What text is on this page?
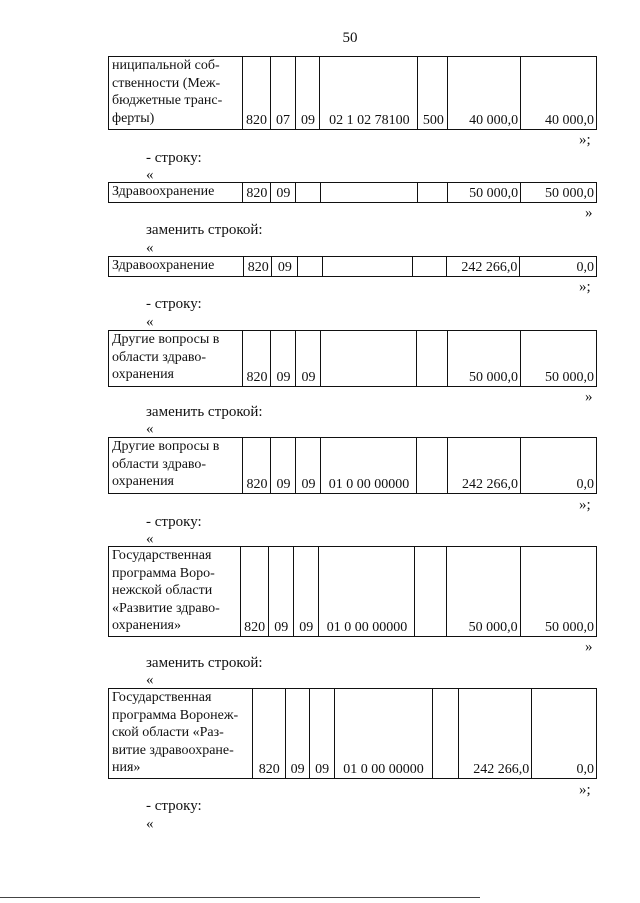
50
ниципальной соб- ственности (Меж- бюджетные транс- ферты)	820	07	09	02 1 02 78100	500	40 000,0	40 000,0
»;
- строку:
«
Здравоохранение	820	09				50 000,0	50 000,0
»
заменить строкой:
«
Здравоохранение	820	09				242 266,0	0,0
»;
- строку:
«
Другие вопросы в области здраво- охранения	820	09	09			50 000,0	50 000,0
»
заменить строкой:
«
Другие вопросы в области здраво- охранения	820	09	09	01 0 00 00000		242 266,0	0,0
»;
- строку:
«
Государственная программа Воро- нежской области «Развитие здраво- охранения»	820	09	09	01 0 00 00000		50 000,0	50 000,0
»
заменить строкой:
«
Государственная программа Воронеж- ской области «Раз- витие здравоохране- ния»	820	09	09	01 0 00 00000		242 266,0	0,0
»;
- строку:
«
